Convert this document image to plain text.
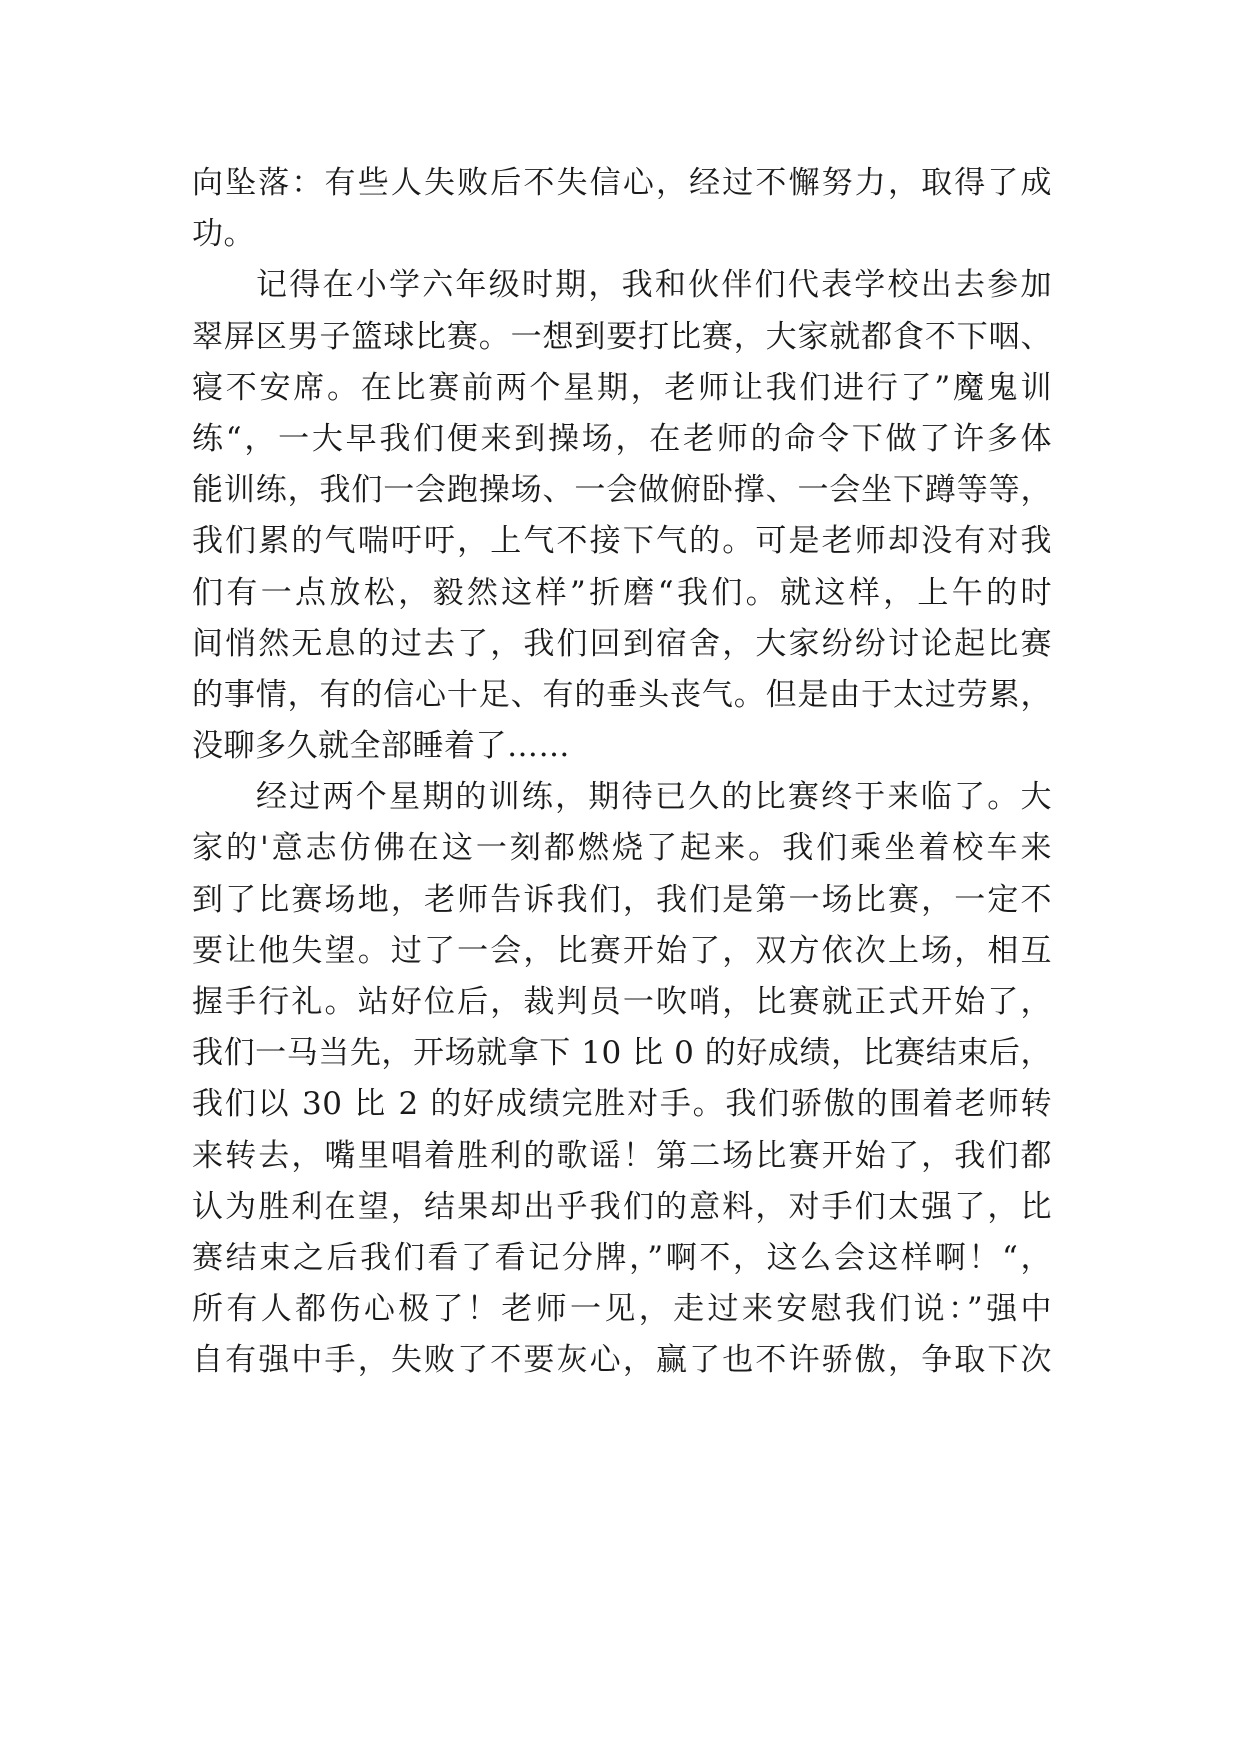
向坠落：有些人失败后不失信心，经过不懈努力，取得了成
功。
记得在小学六年级时期，我和伙伴们代表学校出去参加
翠屏区男子篮球比赛。一想到要打比赛，大家就都食不下咽、
寝不安席。在比赛前两个星期，老师让我们进行了”魔鬼训
练“，一大早我们便来到操场，在老师的命令下做了许多体
能训练，我们一会跑操场、一会做俯卧撑、一会坐下蹲等等，
我们累的气喘吁吁，上气不接下气的。可是老师却没有对我
们有一点放松，毅然这样”折磨“我们。就这样，上午的时
间悄然无息的过去了，我们回到宿舍，大家纷纷讨论起比赛
的事情，有的信心十足、有的垂头丧气。但是由于太过劳累，
没聊多久就全部睡着了……
经过两个星期的训练，期待已久的比赛终于来临了。大
家的'意志仿佛在这一刻都燃烧了起来。我们乘坐着校车来
到了比赛场地，老师告诉我们，我们是第一场比赛，一定不
要让他失望。过了一会，比赛开始了，双方依次上场，相互
握手行礼。站好位后，裁判员一吹哨，比赛就正式开始了，
我们一马当先，开场就拿下 10 比 0 的好成绩，比赛结束后，
我们以 30 比 2 的好成绩完胜对手。我们骄傲的围着老师转
来转去，嘴里唱着胜利的歌谣！第二场比赛开始了，我们都
认为胜利在望，结果却出乎我们的意料，对手们太强了，比
赛结束之后我们看了看记分牌，”啊不，这么会这样啊！“，
所有人都伤心极了！老师一见，走过来安慰我们说：”强中
自有强中手，失败了不要灰心，赢了也不许骄傲，争取下次
